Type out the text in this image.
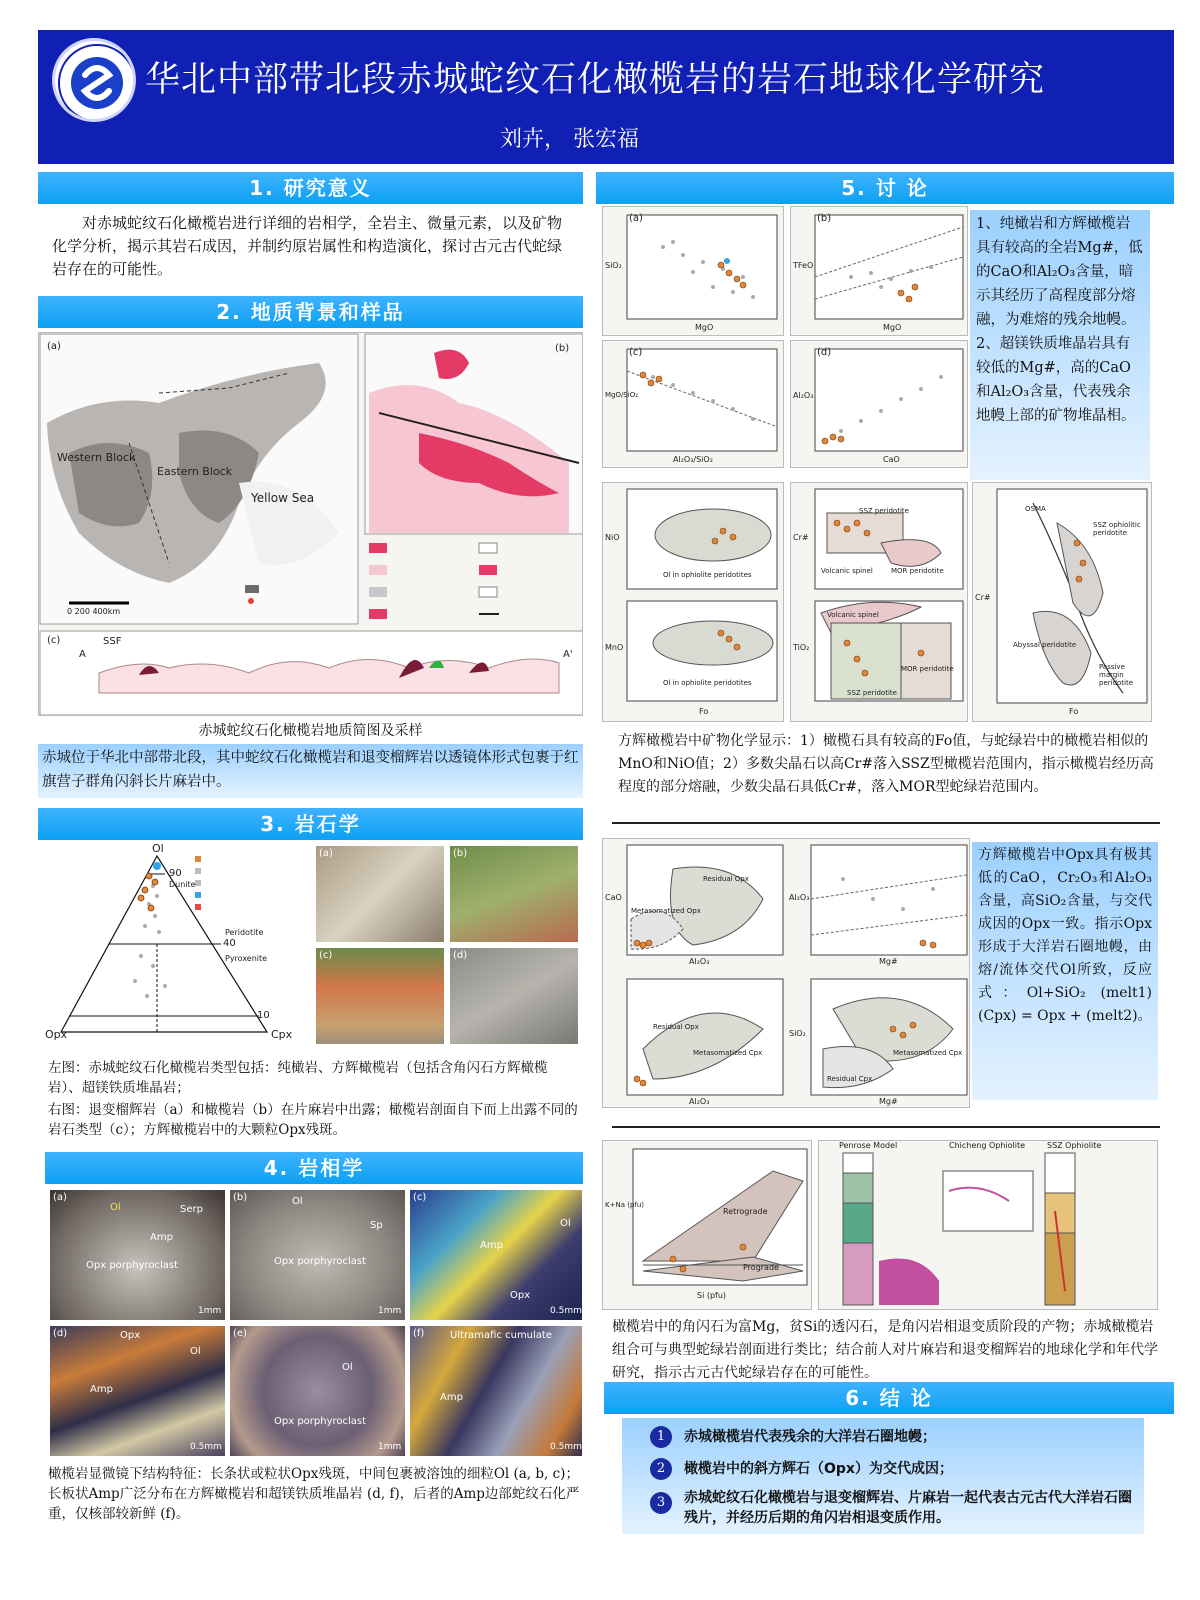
华北中部带北段赤城蛇纹石化橄榄岩的岩石地球化学研究
刘卉， 张宏福
1. 研究意义
对赤城蛇纹石化橄榄岩进行详细的岩相学，全岩主、微量元素，以及矿物化学分析，揭示其岩石成因，并制约原岩属性和构造演化，探讨古元古代蛇绿岩存在的可能性。
2. 地质背景和样品
(a)	(b)
(c)
Western Block
Eastern Block
Yellow Sea
0 200 400km
SSF
A	A'
赤城蛇纹石化橄榄岩地质简图及采样
赤城位于华北中部带北段，其中蛇纹石化橄榄岩和退变榴辉岩以透镜体形式包裹于红旗营子群角闪斜长片麻岩中。
3. 岩石学
Ol
Opx	Cpx
90
40
10
Dunite
Peridotite
Pyroxenite
(a)	(b)
(c)	(d)
左图：赤城蛇纹石化橄榄岩类型包括：纯橄岩、方辉橄榄岩（包括含角闪石方辉橄榄岩）、超镁铁质堆晶岩；
右图：退变榴辉岩（a）和橄榄岩（b）在片麻岩中出露；橄榄岩剖面自下而上出露不同的岩石类型（c）；方辉橄榄岩中的大颗粒Opx残斑。
4. 岩相学
(a)
Ol	Serp
Amp
Opx porphyroclast
1mm
(b)	Ol
Sp
Opx porphyroclast
1mm
(c)
Amp
Ol
Opx
0.5mm
(d)	Opx
Ol
Amp
0.5mm
(e)
Ol
Opx porphyroclast
1mm
(f)	Ultramafic cumulate
Amp
0.5mm
橄榄岩显微镜下结构特征：长条状或粒状Opx残斑，中间包裹被溶蚀的细粒Ol (a, b, c)；长板状Amp广泛分布在方辉橄榄岩和超镁铁质堆晶岩 (d, f)，后者的Amp边部蛇纹石化严重，仅核部较新鲜 (f)。
5. 讨 论
(a)
SiO₂
MgO
(b)
TFeO
MgO
(c)
MgO/SiO₂
Al₂O₃/SiO₂
(d)
Al₂O₃
CaO
1、纯橄岩和方辉橄榄岩具有较高的全岩Mg#，低的CaO和Al₂O₃含量，暗示其经历了高程度部分熔融，为难熔的残余地幔。
2、超镁铁质堆晶岩具有较低的Mg#，高的CaO和Al₂O₃含量，代表残余地幔上部的矿物堆晶相。
NiO
MnO
Ol in ophiolite peridotites
Ol in ophiolite peridotites
Fo
Cr#
TiO₂
SSZ peridotite
MOR peridotite
Volcanic spinel
Volcanic spinel
MOR peridotite
SSZ peridotite
SSZ ophiolitic peridotite
Passive margin peridotite
Abyssal peridotite
OSMA
Cr#
Fo
方辉橄榄岩中矿物化学显示：1）橄榄石具有较高的Fo值，与蛇绿岩中的橄榄岩相似的MnO和NiO值；2）多数尖晶石以高Cr#落入SSZ型橄榄岩范围内，指示橄榄岩经历高程度的部分熔融，少数尖晶石具低Cr#，落入MOR型蛇绿岩范围内。
Residual Opx
Metasomatized Opx
Residual Opx
Metasomatized Cpx	Metasomatized Cpx
Residual Cpx
Al₂O₃	Mg#
Al₂O₃	Mg#
CaO	Al₂O₃
SiO₂
方辉橄榄岩中Opx具有极其低的CaO，Cr₂O₃和Al₂O₃含量，高SiO₂含量，与交代成因的Opx一致。指示Opx形成于大洋岩石圈地幔，由熔/流体交代Ol所致，反应式：Ol+SiO₂ (melt1) (Cpx) = Opx + (melt2)。
Retrograde
Prograde
Si (pfu)
K+Na (pfu)
Penrose Model	Chicheng Ophiolite	SSZ Ophiolite
橄榄岩中的角闪石为富Mg，贫Si的透闪石，是角闪岩相退变质阶段的产物；赤城橄榄岩组合可与典型蛇绿岩剖面进行类比；结合前人对片麻岩和退变榴辉岩的地球化学和年代学研究，指示古元古代蛇绿岩存在的可能性。
6. 结 论
1	赤城橄榄岩代表残余的大洋岩石圈地幔；
2	橄榄岩中的斜方辉石（Opx）为交代成因；
3	赤城蛇纹石化橄榄岩与退变榴辉岩、片麻岩一起代表古元古代大洋岩石圈残片，并经历后期的角闪岩相退变质作用。
